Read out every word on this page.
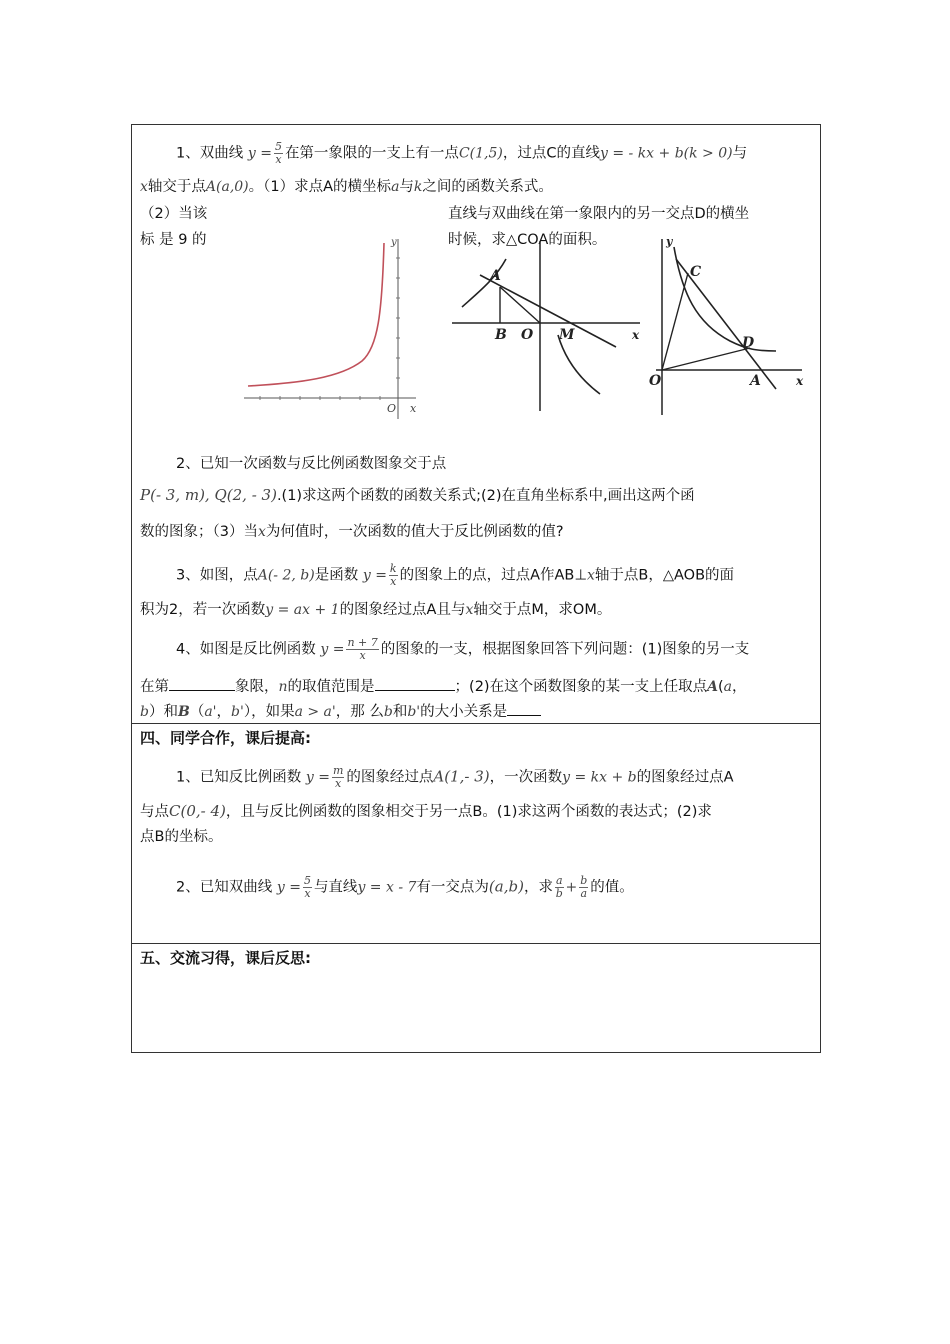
1、双曲线 $y = \frac{5}{x}$ 在第一象限的一支上有一点C(1,5)，过点C的直线y = - kx + b(k > 0)与
x轴交于点A(a,0)。（1）求点A的横坐标a与k之间的函数关系式。
（2）当该
标 是 9 的
直线与双曲线在第一象限内的另一交点D的横坐
时候，求△COA的面积。
O x
y
A
B O M	x
y
C
D
O	A	x
2、已知一次函数与反比例函数图象交于点
P(- 3, m), Q(2, - 3).(1)求这两个函数的函数关系式;(2)在直角坐标系中,画出这两个函
数的图象；（3）当x为何值时，一次函数的值大于反比例函数的值?
3、如图，点A(- 2, b)是函数 $y = \frac{k}{x}$ 的图象上的点，过点A作AB⊥x轴于点B，△AOB的面
积为2，若一次函数y = ax + 1的图象经过点A且与x轴交于点M，求OM。
4、如图是反比例函数 $y = \frac{n + 7}{x}$ 的图象的一支，根据图象回答下列问题：(1)图象的另一支
在第	象限，n的取值范围是	；(2)在这个函数图象的某一支上任取点A(a，
b）和B（a'，b'），如果a > a'，那 么b和b'的大小关系是
四、同学合作，课后提高:
1、已知反比例函数 $y = \frac{m}{x}$ 的图象经过点A(1,- 3)，一次函数y = kx + b的图象经过点A
与点C(0,- 4)，且与反比例函数的图象相交于另一点B。(1)求这两个函数的表达式；(2)求
点B的坐标。
2、已知双曲线 $y = \frac{5}{x}$ 与直线y = x - 7有一交点为(a,b)，求 $\frac{a}{b} + \frac{b}{a}$ 的值。
五、交流习得，课后反思:
